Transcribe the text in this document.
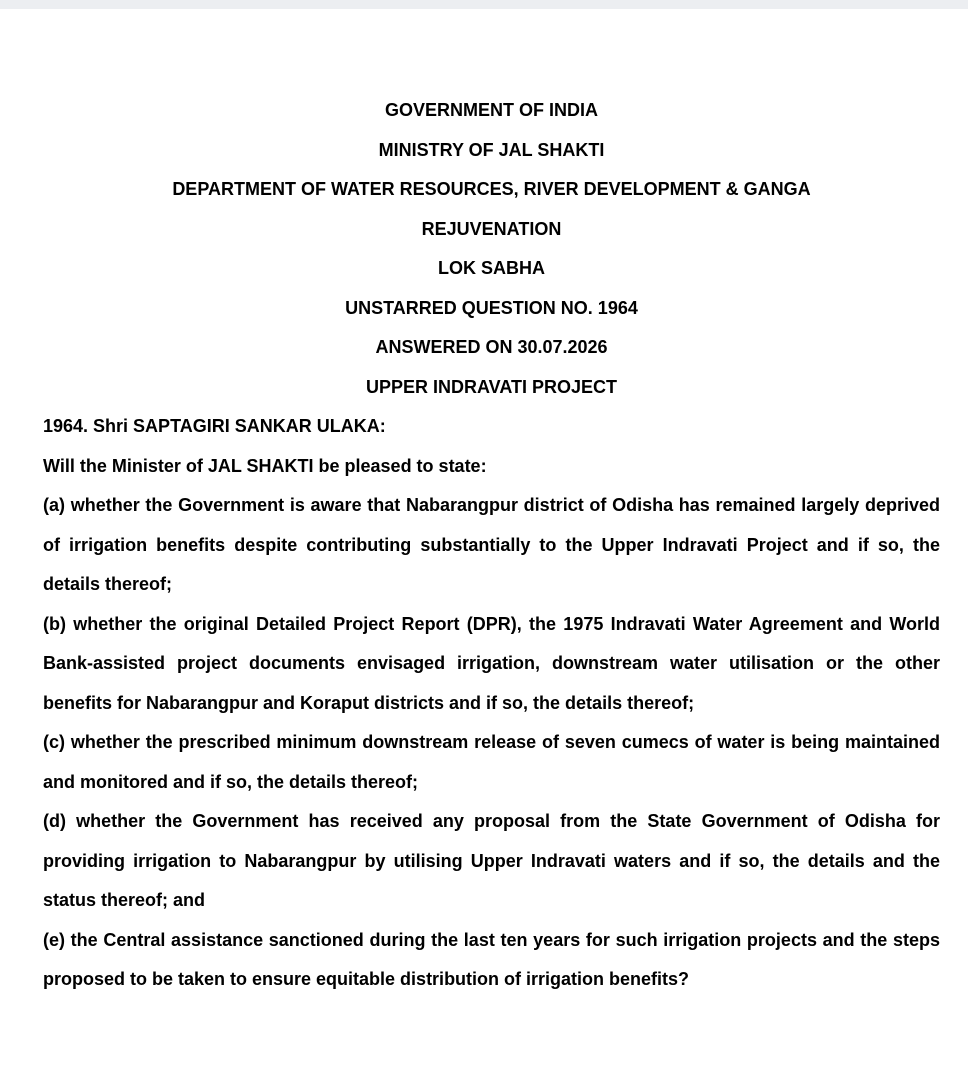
GOVERNMENT OF INDIA
MINISTRY OF JAL SHAKTI
DEPARTMENT OF WATER RESOURCES, RIVER DEVELOPMENT & GANGA
REJUVENATION
LOK SABHA
UNSTARRED QUESTION NO. 1964
ANSWERED ON 30.07.2026
UPPER INDRAVATI PROJECT
1964. Shri SAPTAGIRI SANKAR ULAKA:
Will the Minister of JAL SHAKTI be pleased to state:

(a) whether the Government is aware that Nabarangpur district of Odisha has remained largely deprived of irrigation benefits despite contributing substantially to the Upper Indravati Project and if so, the details thereof;

(b) whether the original Detailed Project Report (DPR), the 1975 Indravati Water Agreement and World Bank-assisted project documents envisaged irrigation, downstream water utilisation or the other benefits for Nabarangpur and Koraput districts and if so, the details thereof;

(c) whether the prescribed minimum downstream release of seven cumecs of water is being maintained and monitored and if so, the details thereof;

(d) whether the Government has received any proposal from the State Government of Odisha for providing irrigation to Nabarangpur by utilising Upper Indravati waters and if so, the details and the status thereof; and

(e) the Central assistance sanctioned during the last ten years for such irrigation projects and the steps proposed to be taken to ensure equitable distribution of irrigation benefits?
